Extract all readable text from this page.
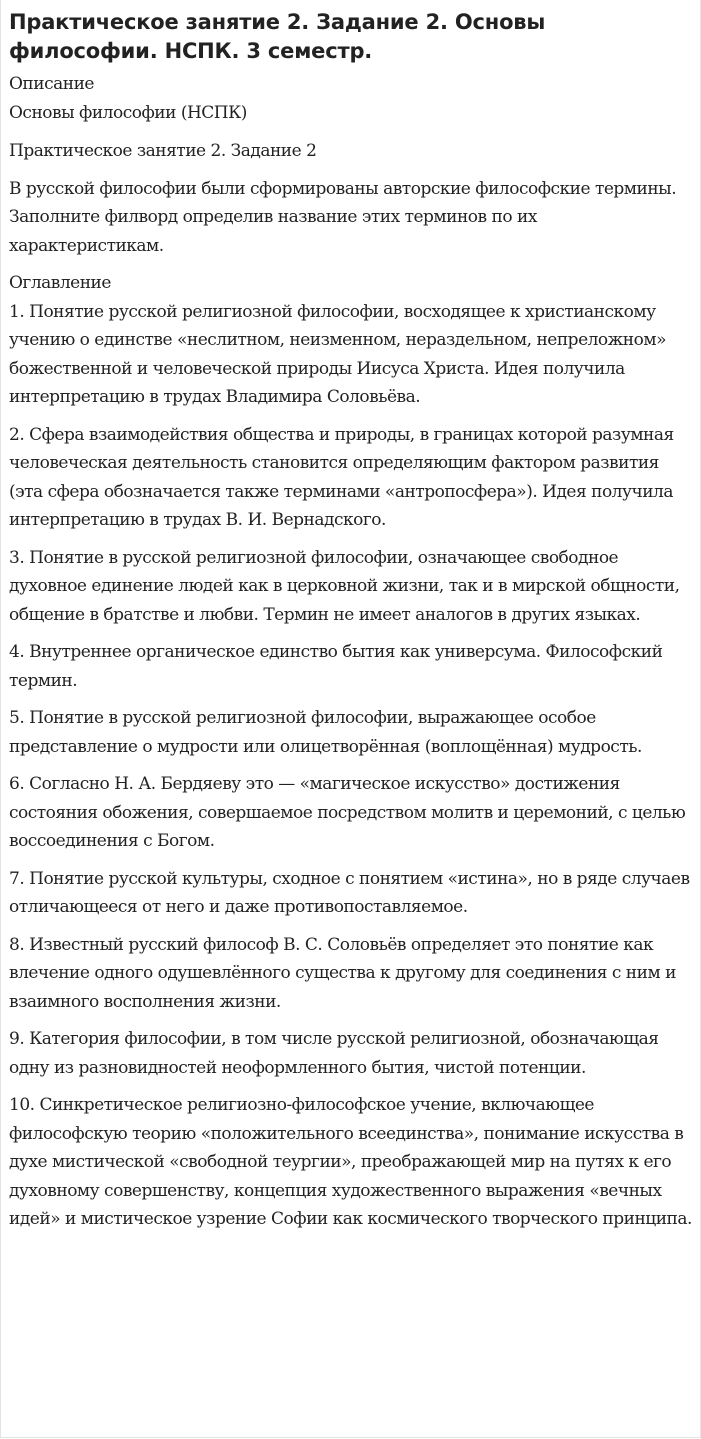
Практическое занятие 2. Задание 2. Основы философии. НСПК. 3 семестр.

Описание

Основы философии (НСПК)

Практическое занятие 2. Задание 2

В русской философии были сформированы авторские философские термины. Заполните филворд определив название этих терминов по их характеристикам.

Оглавление

1. Понятие русской религиозной философии, восходящее к христианскому учению о единстве «неслитном, неизменном, нераздельном, непреложном» божественной и человеческой природы Иисуса Христа. Идея получила интерпретацию в трудах Владимира Соловьёва.

2. Сфера взаимодействия общества и природы, в границах которой разумная человеческая деятельность становится определяющим фактором развития (эта сфера обозначается также терминами «антропосфера»). Идея получила интерпретацию в трудах В. И. Вернадского.

3. Понятие в русской религиозной философии, означающее свободное духовное единение людей как в церковной жизни, так и в мирской общности, общение в братстве и любви. Термин не имеет аналогов в других языках.

4. Внутреннее органическое единство бытия как универсума. Философский термин.

5. Понятие в русской религиозной философии, выражающее особое представление о мудрости или олицетворённая (воплощённая) мудрость.

6. Согласно Н. А. Бердяеву это — «магическое искусство» достижения состояния обожения, совершаемое посредством молитв и церемоний, с целью воссоединения с Богом.

7. Понятие русской культуры, сходное с понятием «истина», но в ряде случаев отличающееся от него и даже противопоставляемое.

8. Известный русский философ В. С. Соловьёв определяет это понятие как влечение одного одушевлённого существа к другому для соединения с ним и взаимного восполнения жизни.

9. Категория философии, в том числе русской религиозной, обозначающая одну из разновидностей неоформленного бытия, чистой потенции.

10. Синкретическое религиозно-философское учение, включающее философскую теорию «положительного всеединства», понимание искусства в духе мистической «свободной теургии», преображающей мир на путях к его духовному совершенству, концепция художественного выражения «вечных идей» и мистическое узрение Софии как космического творческого принципа.
